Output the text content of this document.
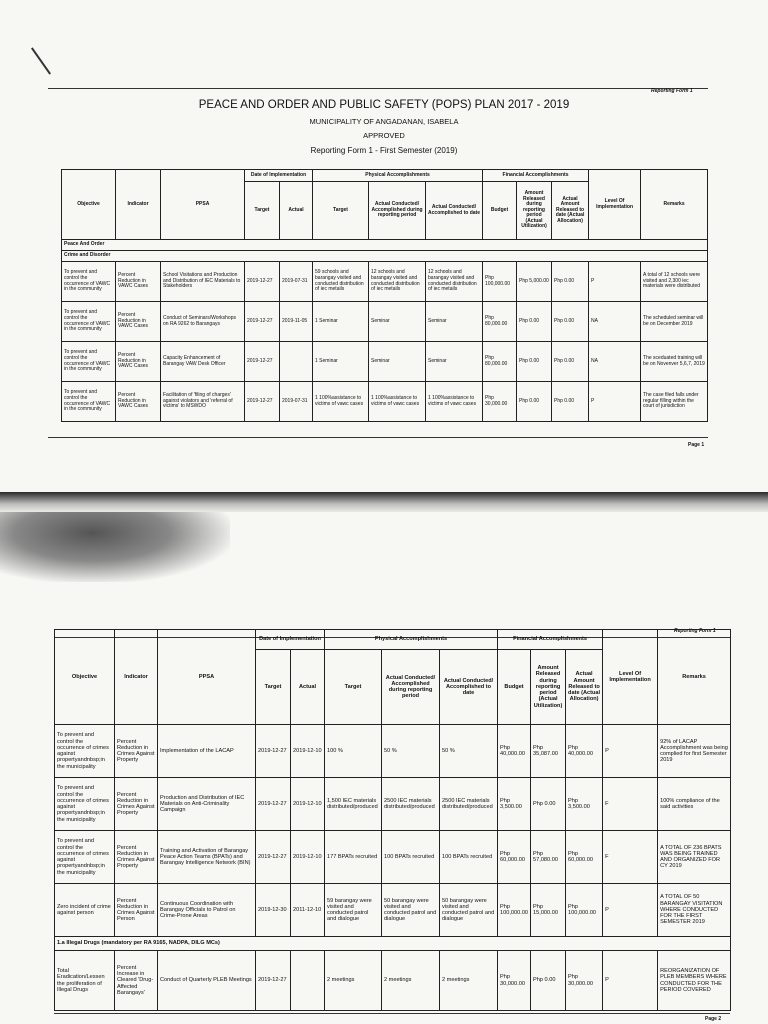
Reporting Form 1
PEACE AND ORDER AND PUBLIC SAFETY (POPS) PLAN 2017 - 2019
MUNICIPALITY OF ANGADANAN, ISABELA
APPROVED
Reporting Form 1 - First Semester (2019)
Objective	Indicator	PPSA	Date of Implementation		Physical Accomplishments			Financial Accomplishments			Level Of Implementation	Remarks
			Target	Actual	Target	Actual Conducted/ Accomplished during reporting period	Actual Conducted/ Accomplished to date	Budget	Amount Released during reporting period (Actual Utilization)	Actual Amount Released to date (Actual Allocation)		
Peace And Order												
Crime and Disorder												
To prevent and control the occurrence of VAWC in the community	Percent Reduction in VAWC Cases	School Visitations and Production and Distribution of IEC Materials to Stakeholders	2019-12-27	2019-07-31	59 schools and barangay visited and conducted distribution of iec metails	12 schools and barangay visited and conducted distribution of iec metails	12 schools and barangay visited and conducted distribution of iec metails	Php 100,000.00	Php 5,000.00	Php 0.00	P	A total of 12 schools were visited and 2,300 iec materials were distributed
To prevent and control the occurrence of VAWC in the community	Percent Reduction in VAWC Cases	Conduct of Seminars/Workshops on RA 9262 to Barangays	2019-12-27	2019-11-05	1 Seminar	Seminar	Seminar	Php 80,000.00	Php 0.00	Php 0.00	NA	The scheduled seminar will be on December 2019
To prevent and control the occurrence of VAWC in the community	Percent Reduction in VAWC Cases	Capacity Enhancement of Barangay VAW Desk Officer	2019-12-27		1 Seminar	Seminar	Seminar	Php 80,000.00	Php 0.00	Php 0.00	NA	The sceduated training will be on Novenver 5,6,7, 2019
To prevent and control the occurrence of VAWC in the community	Percent Reduction in VAWC Cases	Facilitation of 'filing of charges' against violators and 'referral of victims' to MSWDO	2019-12-27	2019-07-31	1 100%assistance to victims of vawc cases	1 100%assistance to victims of vawc cases	1 100%assistance to victims of vawc cases	Php 30,000.00	Php 0.00	Php 0.00	P	The case filed falls under regular filling within the court of jurisdiction
Page 1
Reporting Form 1
Objective	Indicator	PPSA	Date of Implementation		Physical Accomplishments			Financial Accomplishments			Level Of Implementation	Remarks
			Target	Actual	Target	Actual Conducted/ Accomplished during reporting period	Actual Conducted/ Accomplished to date	Budget	Amount Released during reporting period (Actual Utilization)	Actual Amount Released to date (Actual Allocation)		
To prevent and control the occurrence of crimes against propertyandnbsp;in the municipality	Percent Reduction in Crimes Against Property	Implementation of the LACAP	2019-12-27	2019-12-10	100 %	50 %	50 %	Php 40,000.00	Php 35,087.00	Php 40,000.00	P	92% of LACAP Accomplishment was being complied for first Semester 2019
To prevent and control the occurrence of crimes against propertyandnbsp;in the municipality	Percent Reduction in Crimes Against Property	Production and Distribution of IEC Materials on Anti-Criminality Campaign	2019-12-27	2019-12-10	1,500 IEC materials distributed/produced	2500 IEC materials distributed/produced	2500 IEC materials distributed/produced	Php 3,500.00	Php 0.00	Php 3,500.00	F	100% compliance of the said activities
To prevent and control the occurrence of crimes against propertyandnbsp;in the municipality	Percent Reduction in Crimes Against Property	Training and Activation of Barangay Peace Action Teams (BPATs) and Barangay Intelligence Network (BIN)	2019-12-27	2019-12-10	177 BPATs recruited	100 BPATs recruited	100 BPATs recruited	Php 60,000.00	Php 57,080.00	Php 60,000.00	F	A TOTAL OF 236 BPATS WAS BEING TRAINED AND ORGANIZED FOR CY 2019
Zero incident of crime against person	Percent Reduction in Crimes Against Person	Continuous Coordination with Barangay Officials to Patrol on Crime-Prone Areas	2019-12-30	2011-12-10	59 barangay were visited and conducted patrol and dialogue	50 barangay were visited and conducted patrol and dialogue	50 barangay were visited and conducted patrol and dialogue	Php 100,000.00	Php 15,000.00	Php 100,000.00	P	A TOTAL OF 50 BARANGAY VISITATION WHERE CONDUCTED FOR THE FIRST SEMESTER 2019
1.a Illegal Drugs (mandatory per RA 9165, NADPA, DILG MCs)												
Total Eradication/Lessen the proliferation of Illegal Drugs	Percent Increase in Cleared 'Drug-Affected Barangays'	Conduct of Quarterly PLEB Meetings	2019-12-27		2 meetings	2 meetings	2 meetings	Php 30,000.00	Php 0.00	Php 30,000.00	P	REORGANIZATION OF PLEB MEMBERS WHERE CONDUCTED FOR THE PERIOD COVERED
Page 2
